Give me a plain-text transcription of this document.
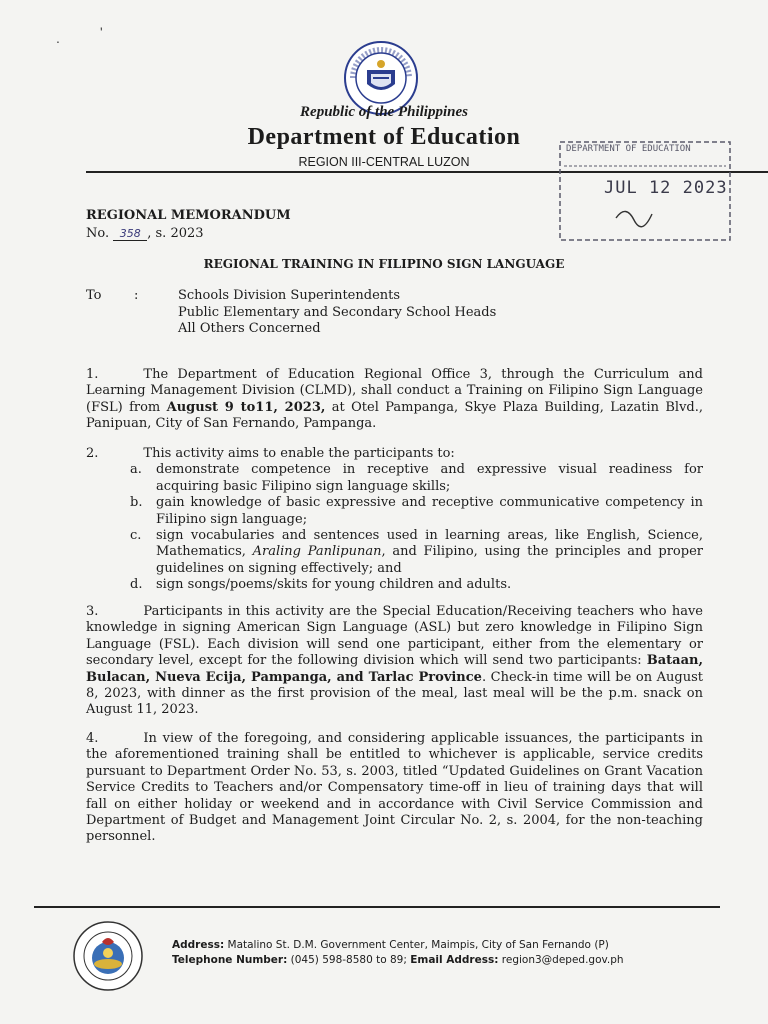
.	'
Republic of the Philippines
Department of Education
REGION III-CENTRAL LUZON
DEPARTMENT OF EDUCATION
JUL 12 2023
REGIONAL MEMORANDUM
No. 358 , s. 2023
REGIONAL TRAINING IN FILIPINO SIGN LANGUAGE
To	:	Schools Division Superintendents
Public Elementary and Secondary School Heads
All Others Concerned
1.	The Department of Education Regional Office 3, through the Curriculum and Learning Management Division (CLMD), shall conduct a Training on Filipino Sign Language (FSL) from August 9 to11, 2023, at Otel Pampanga, Skye Plaza Building, Lazatin Blvd., Panipuan, City of San Fernando, Pampanga.
2.	This activity aims to enable the participants to:
a. demonstrate competence in receptive and expressive visual readiness for acquiring basic Filipino sign language skills;
b. gain knowledge of basic expressive and receptive communicative competency in Filipino sign language;
c. sign vocabularies and sentences used in learning areas, like English, Science, Mathematics, Araling Panlipunan, and Filipino, using the principles and proper guidelines on signing effectively; and
d. sign songs/poems/skits for young children and adults.
3.	Participants in this activity are the Special Education/Receiving teachers who have knowledge in signing American Sign Language (ASL) but zero knowledge in Filipino Sign Language (FSL). Each division will send one participant, either from the elementary or secondary level, except for the following division which will send two participants: Bataan, Bulacan, Nueva Ecija, Pampanga, and Tarlac Province. Check-in time will be on August 8, 2023, with dinner as the first provision of the meal, last meal will be the p.m. snack on August 11, 2023.
4.	In view of the foregoing, and considering applicable issuances, the participants in the aforementioned training shall be entitled to whichever is applicable, service credits pursuant to Department Order No. 53, s. 2003, titled “Updated Guidelines on Grant Vacation Service Credits to Teachers and/or Compensatory time-off in lieu of training days that will fall on either holiday or weekend and in accordance with Civil Service Commission and Department of Budget and Management Joint Circular No. 2, s. 2004, for the non-teaching personnel.
Address: Matalino St. D.M. Government Center, Maimpis, City of San Fernando (P)
Telephone Number: (045) 598-8580 to 89; Email Address: region3@deped.gov.ph
